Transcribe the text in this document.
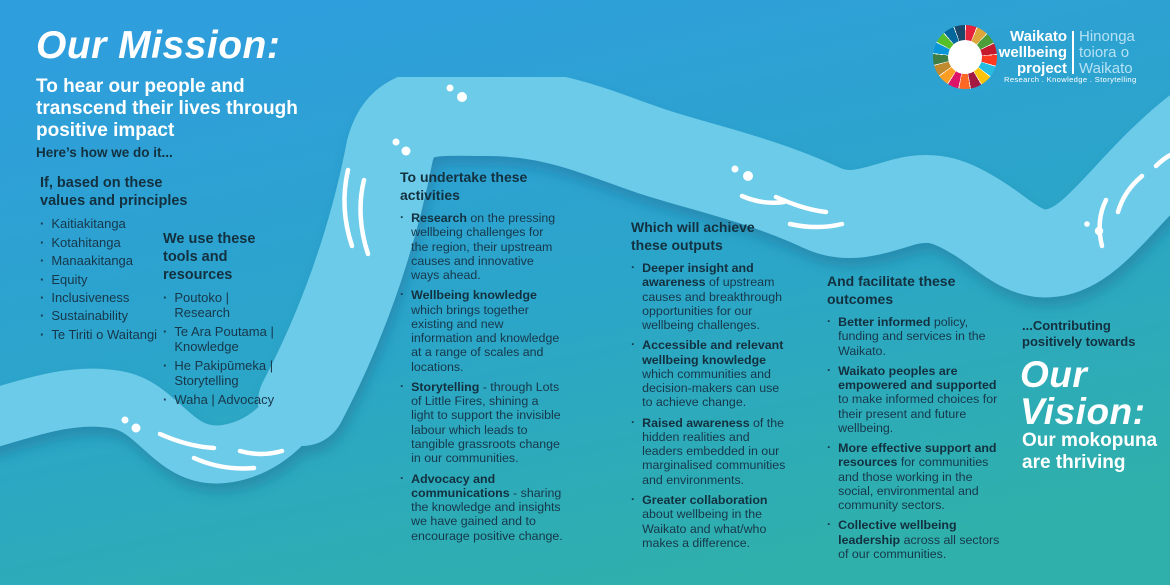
Waikato
wellbeing
project
Hinonga
toiora o
Waikato
Research . Knowledge . Storytelling
Our Mission:
To hear our people and transcend their lives through positive impact
Here’s how we do it...
If, based on these values and principles
· Kaitiakitanga
· Kotahitanga
· Manaakitanga
· Equity
· Inclusiveness
· Sustainability
· Te Tiriti o Waitangi
We use these tools and resources
· Poutoko | Research
· Te Ara Poutama | Knowledge
· He Pakipūmeka | Storytelling
· Waha | Advocacy
To undertake these activities
· Research on the pressing wellbeing challenges for the region, their upstream causes and innovative ways ahead.
· Wellbeing knowledge which brings together existing and new information and knowledge at a range of scales and locations.
· Storytelling - through Lots of Little Fires, shining a light to support the invisible labour which leads to tangible grassroots change in our communities.
· Advocacy and communications - sharing the knowledge and insights we have gained and to encourage positive change.
Which will achieve these outputs
· Deeper insight and awareness of upstream causes and breakthrough opportunities for our wellbeing challenges.
· Accessible and relevant wellbeing knowledge which communities and decision-makers can use to achieve change.
· Raised awareness of the hidden realities and leaders embedded in our marginalised communities and environments.
· Greater collaboration about wellbeing in the Waikato and what/who makes a difference.
And facilitate these outcomes
· Better informed policy, funding and services in the Waikato.
· Waikato peoples are empowered and supported to make informed choices for their present and future wellbeing.
· More effective support and resources for communities and those working in the social, environmental and community sectors.
· Collective wellbeing leadership across all sectors of our communities.
...Contributing positively towards
Our Vision:
Our mokopuna are thriving
